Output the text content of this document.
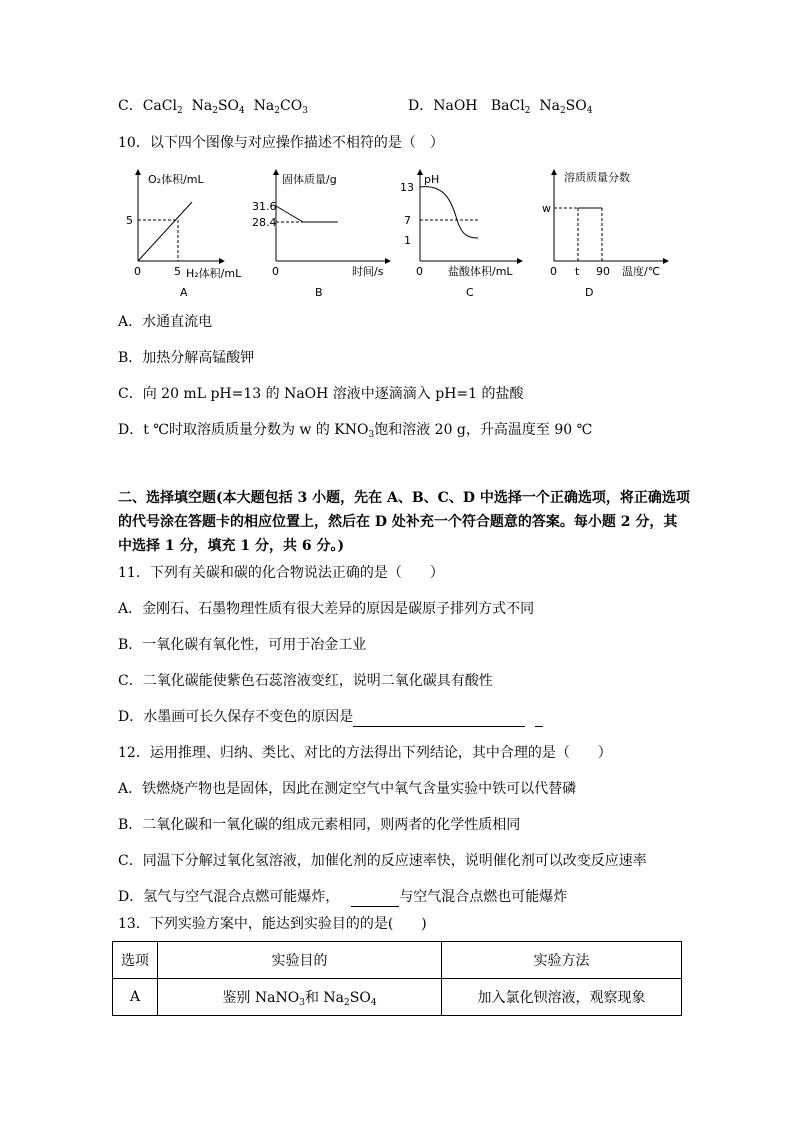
C．CaCl$_2$  $Na_2SO_4$  $Na_2CO_3$	D．NaOH   BaCl$_2$  $Na_2SO_4$
10．以下四个图像与对应操作描述不相符的是（　）
O₂体积/mL
5
0	5 H₂体积/mL
A
固体质量/g
31.6
28.4
0	时间/s
B
pH
13
7
1
0 盐酸体积/mL
C
溶质质量分数
w
0 t 90 温度/℃
D
A．水通直流电
B．加热分解高锰酸钾
C．向 20 mL pH=13 的 NaOH 溶液中逐滴滴入 pH=1 的盐酸
D．t ℃时取溶质质量分数为 w 的 $KNO_3$饱和溶液 20 g，升高温度至 90 ℃
二、选择填空题(本大题包括 3 小题，先在 A、B、C、D 中选择一个正确选项，将正确选项
的代号涂在答题卡的相应位置上，然后在 D 处补充一个符合题意的答案。每小题 2 分，其
中选择 1 分，填充 1 分，共 6 分。)
11．下列有关碳和碳的化合物说法正确的是（　　）
A．金刚石、石墨物理性质有很大差异的原因是碳原子排列方式不同
B．一氧化碳有氧化性，可用于冶金工业
C．二氧化碳能使紫色石蕊溶液变红，说明二氧化碳具有酸性
D．水墨画可长久保存不变色的原因是
12．运用推理、归纳、类比、对比的方法得出下列结论，其中合理的是（　　）
A．铁燃烧产物也是固体，因此在测定空气中氧气含量实验中铁可以代替磷
B．二氧化碳和一氧化碳的组成元素相同，则两者的化学性质相同
C．同温下分解过氧化氢溶液，加催化剂的反应速率快，说明催化剂可以改变反应速率
D．氢气与空气混合点燃可能爆炸，	与空气混合点燃也可能爆炸
13．下列实验方案中，能达到实验目的的是(　　)
选项	实验目的	实验方法
A	鉴别 NaNO$_3$和 $Na_2SO_4$	加入氯化钡溶液，观察现象
